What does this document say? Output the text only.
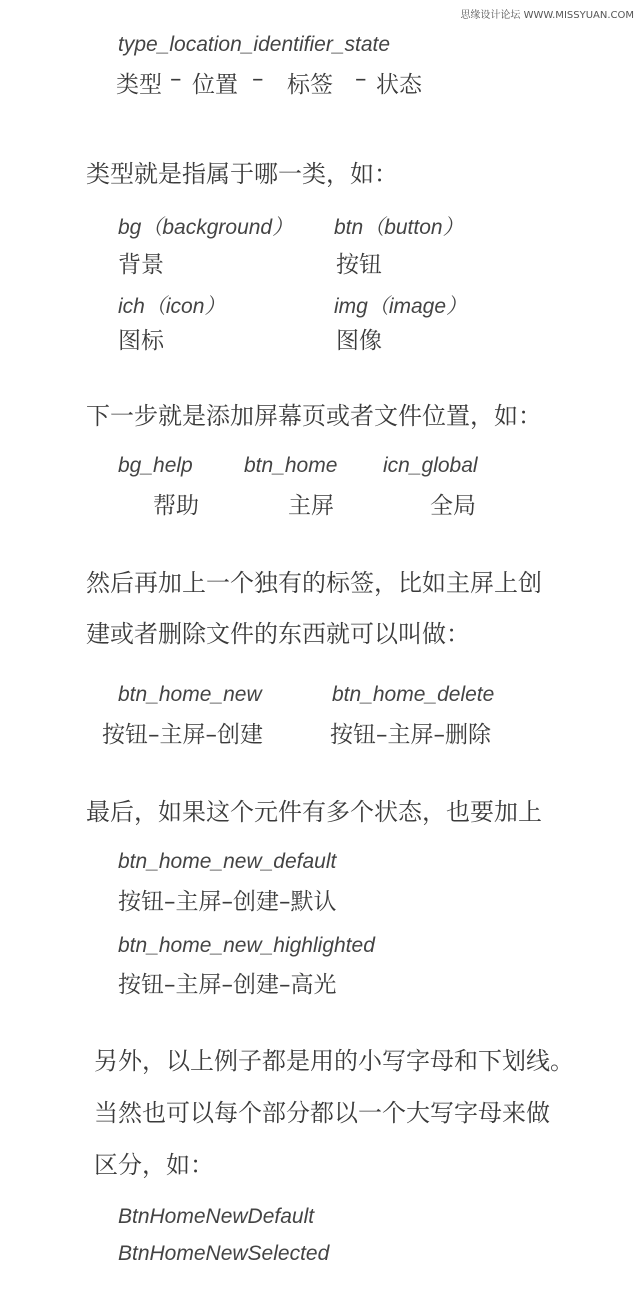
思缘设计论坛 WWW.MISSYUAN.COM
type_location_identifier_state
类型 – 位置 – 标签 – 状态
类型就是指属于哪一类，如：
bg（background）
背景
btn（button）
按钮
ich（icon）
图标
img（image）
图像
下一步就是添加屏幕页或者文件位置，如：
bg_help
帮助
btn_home
主屏
icn_global
全局
然后再加上一个独有的标签，比如主屏上创
建或者删除文件的东西就可以叫做：
btn_home_new
按钮–主屏–创建
btn_home_delete
按钮–主屏–删除
最后，如果这个元件有多个状态，也要加上
btn_home_new_default
按钮–主屏–创建–默认
btn_home_new_highlighted
按钮–主屏–创建–高光
另外，以上例子都是用的小写字母和下划线。
当然也可以每个部分都以一个大写字母来做
区分，如：
BtnHomeNewDefault
BtnHomeNewSelected
